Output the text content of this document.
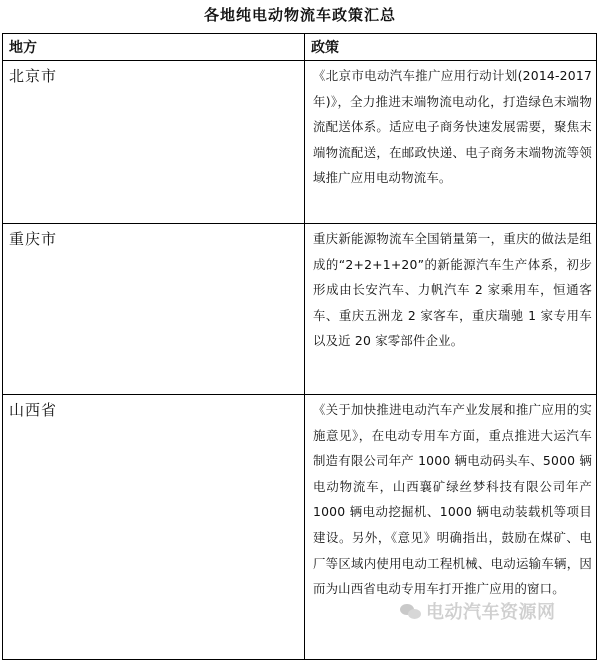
各地纯电动物流车政策汇总
地方	政策
北京市	《北京市电动汽车推广应用行动计划(2014-2017年)》，全力推进末端物流电动化，打造绿色末端物流配送体系。适应电子商务快速发展需要，聚焦末端物流配送，在邮政快递、电子商务末端物流等领域推广应用电动物流车。
重庆市	重庆新能源物流车全国销量第一，重庆的做法是组成的“2+2+1+20”的新能源汽车生产体系，初步形成由长安汽车、力帆汽车 2 家乘用车，恒通客车、重庆五洲龙 2 家客车，重庆瑞驰 1 家专用车以及近 20 家零部件企业。
山西省	《关于加快推进电动汽车产业发展和推广应用的实施意见》，在电动专用车方面，重点推进大运汽车制造有限公司年产 1000 辆电动码头车、5000 辆电动物流车，山西襄矿绿丝梦科技有限公司年产 1000 辆电动挖掘机、1000 辆电动装载机等项目建设。另外，《意见》明确指出，鼓励在煤矿、电厂等区域内使用电动工程机械、电动运输车辆，因而为山西省电动专用车打开推广应用的窗口。
电动汽车资源网
